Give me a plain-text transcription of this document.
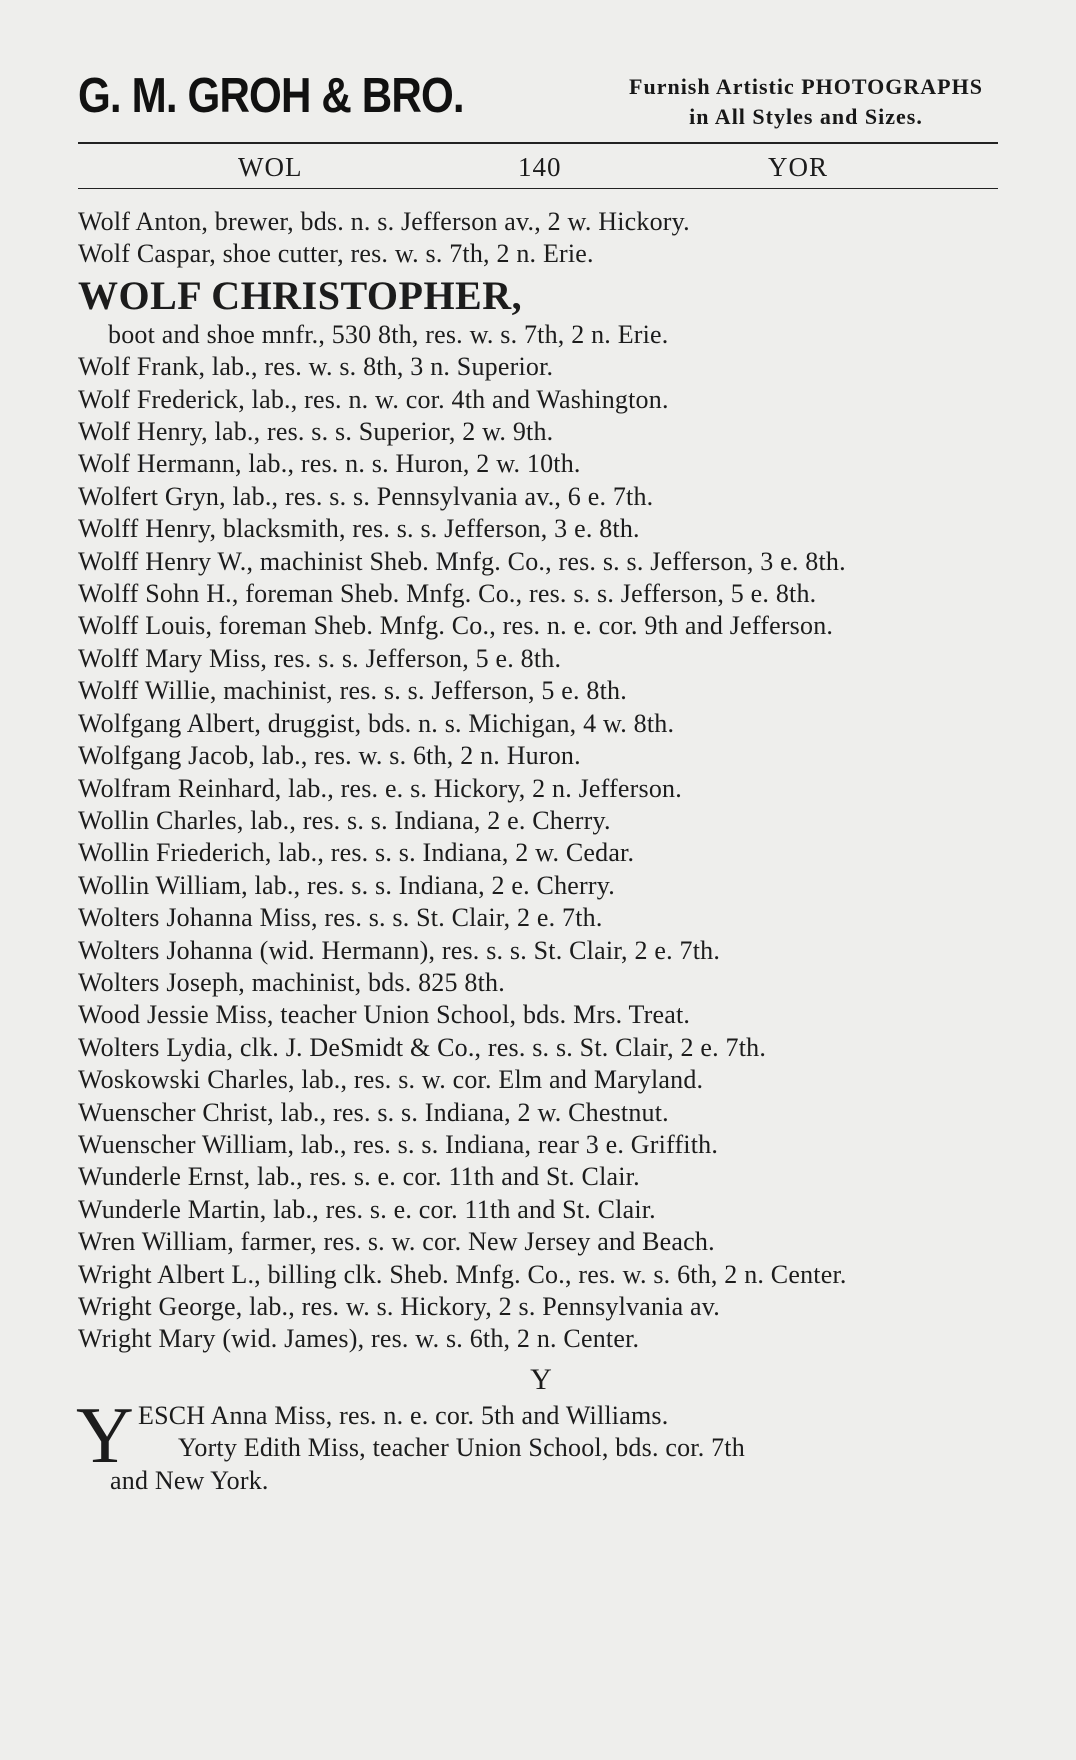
G. M. GROH & BRO.	Furnish Artistic PHOTOGRAPHS
in All Styles and Sizes.
WOL	140	YOR
Wolf Anton, brewer, bds. n. s. Jefferson av., 2 w. Hickory.
Wolf Caspar, shoe cutter, res. w. s. 7th, 2 n. Erie.
WOLF CHRISTOPHER,
boot and shoe mnfr., 530 8th, res. w. s. 7th, 2 n. Erie.
Wolf Frank, lab., res. w. s. 8th, 3 n. Superior.
Wolf Frederick, lab., res. n. w. cor. 4th and Washington.
Wolf Henry, lab., res. s. s. Superior, 2 w. 9th.
Wolf Hermann, lab., res. n. s. Huron, 2 w. 10th.
Wolfert Gryn, lab., res. s. s. Pennsylvania av., 6 e. 7th.
Wolff Henry, blacksmith, res. s. s. Jefferson, 3 e. 8th.
Wolff Henry W., machinist Sheb. Mnfg. Co., res. s. s. Jefferson, 3 e. 8th.
Wolff Sohn H., foreman Sheb. Mnfg. Co., res. s. s. Jefferson, 5 e. 8th.
Wolff Louis, foreman Sheb. Mnfg. Co., res. n. e. cor. 9th and Jefferson.
Wolff Mary Miss, res. s. s. Jefferson, 5 e. 8th.
Wolff Willie, machinist, res. s. s. Jefferson, 5 e. 8th.
Wolfgang Albert, druggist, bds. n. s. Michigan, 4 w. 8th.
Wolfgang Jacob, lab., res. w. s. 6th, 2 n. Huron.
Wolfram Reinhard, lab., res. e. s. Hickory, 2 n. Jefferson.
Wollin Charles, lab., res. s. s. Indiana, 2 e. Cherry.
Wollin Friederich, lab., res. s. s. Indiana, 2 w. Cedar.
Wollin William, lab., res. s. s. Indiana, 2 e. Cherry.
Wolters Johanna Miss, res. s. s. St. Clair, 2 e. 7th.
Wolters Johanna (wid. Hermann), res. s. s. St. Clair, 2 e. 7th.
Wolters Joseph, machinist, bds. 825 8th.
Wood Jessie Miss, teacher Union School, bds. Mrs. Treat.
Wolters Lydia, clk. J. DeSmidt & Co., res. s. s. St. Clair, 2 e. 7th.
Woskowski Charles, lab., res. s. w. cor. Elm and Maryland.
Wuenscher Christ, lab., res. s. s. Indiana, 2 w. Chestnut.
Wuenscher William, lab., res. s. s. Indiana, rear 3 e. Griffith.
Wunderle Ernst, lab., res. s. e. cor. 11th and St. Clair.
Wunderle Martin, lab., res. s. e. cor. 11th and St. Clair.
Wren William, farmer, res. s. w. cor. New Jersey and Beach.
Wright Albert L., billing clk. Sheb. Mnfg. Co., res. w. s. 6th, 2 n. Center.
Wright George, lab., res. w. s. Hickory, 2 s. Pennsylvania av.
Wright Mary (wid. James), res. w. s. 6th, 2 n. Center.
Y
Y ESCH Anna Miss, res. n. e. cor. 5th and Williams.
Yorty Edith Miss, teacher Union School, bds. cor. 7th
and New York.
